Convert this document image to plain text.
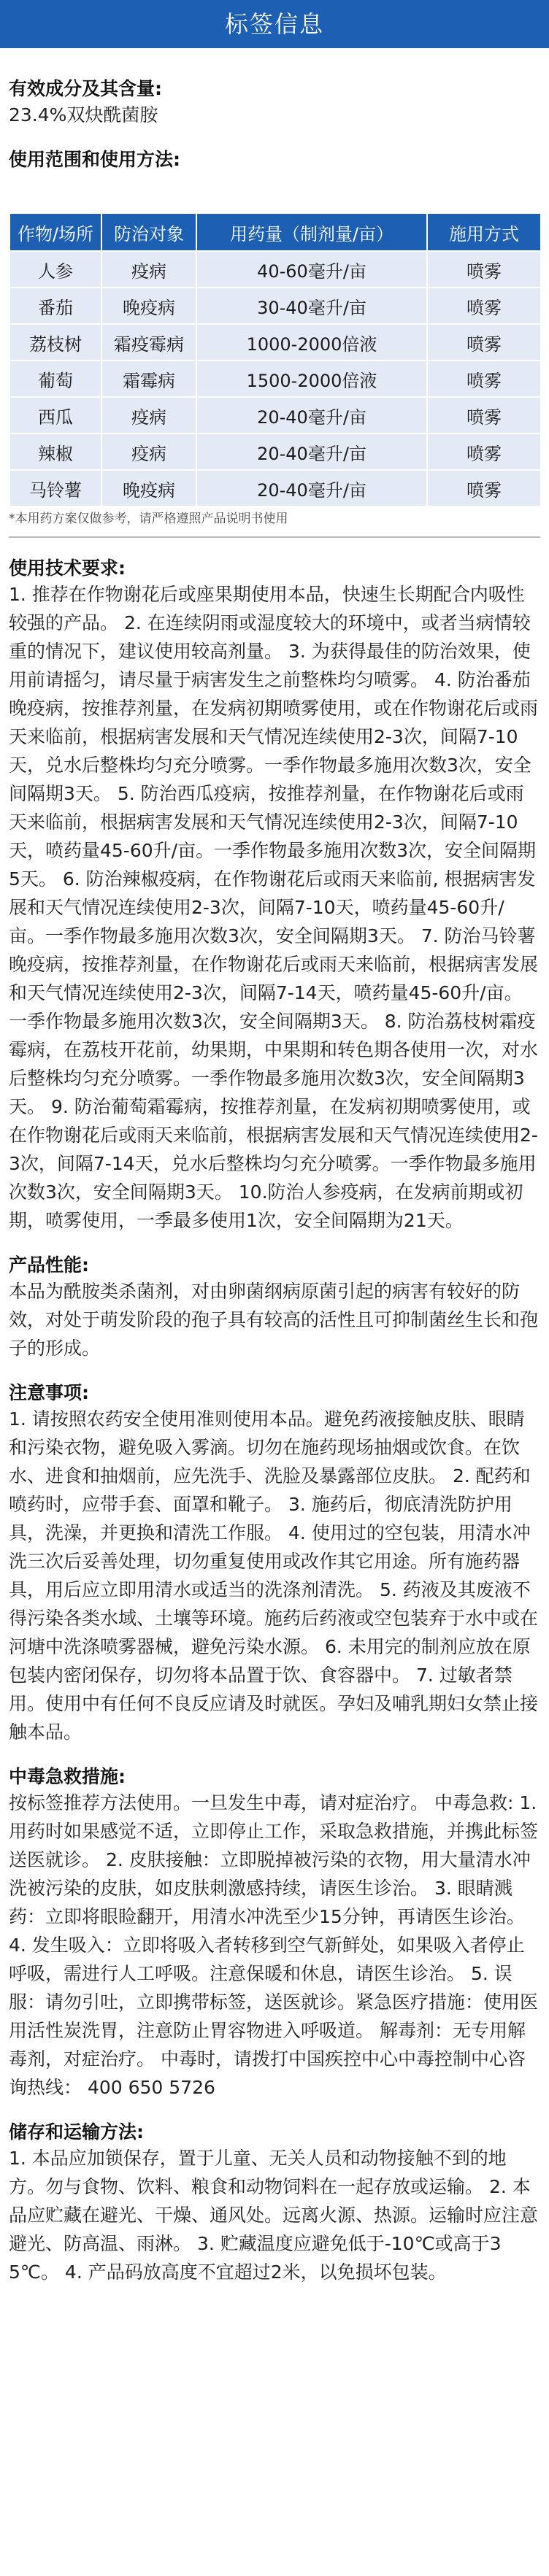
标签信息
有效成分及其含量:

23.4%双炔酰菌胺

使用范围和使用方法:
作物/场所	防治对象	用药量（制剂量/亩）	施用方式
人参	疫病	40-60毫升/亩	喷雾
番茄	晚疫病	30-40毫升/亩	喷雾
荔枝树	霜疫霉病	1000-2000倍液	喷雾
葡萄	霜霉病	1500-2000倍液	喷雾
西瓜	疫病	20-40毫升/亩	喷雾
辣椒	疫病	20-40毫升/亩	喷雾
马铃薯	晚疫病	20-40毫升/亩	喷雾

*本用药方案仅做参考，请严格遵照产品说明书使用

使用技术要求:

1. 推荐在作物谢花后或座果期使用本品，快速生长期配合内吸性较强的产品。 2. 在连续阴雨或湿度较大的环境中，或者当病情较重的情况下，建议使用较高剂量。 3. 为获得最佳的防治效果，使用前请摇匀，请尽量于病害发生之前整株均匀喷雾。 4. 防治番茄晚疫病，按推荐剂量，在发病初期喷雾使用，或在作物谢花后或雨天来临前，根据病害发展和天气情况连续使用2-3次，间隔7-10天，兑水后整株均匀充分喷雾。一季作物最多施用次数3次，安全间隔期3天。 5. 防治西瓜疫病，按推荐剂量，在作物谢花后或雨天来临前，根据病害发展和天气情况连续使用2-3次，间隔7-10天，喷药量45-60升/亩。一季作物最多施用次数3次，安全间隔期5天。 6. 防治辣椒疫病，在作物谢花后或雨天来临前, 根据病害发展和天气情况连续使用2-3次，间隔7-10天，喷药量45-60升/亩。一季作物最多施用次数3次，安全间隔期3天。 7. 防治马铃薯晚疫病，按推荐剂量，在作物谢花后或雨天来临前，根据病害发展和天气情况连续使用2-3次，间隔7-14天，喷药量45-60升/亩。一季作物最多施用次数3次，安全间隔期3天。 8. 防治荔枝树霜疫霉病，在荔枝开花前，幼果期，中果期和转色期各使用一次，对水后整株均匀充分喷雾。一季作物最多施用次数3次，安全间隔期3天。 9. 防治葡萄霜霉病，按推荐剂量，在发病初期喷雾使用，或在作物谢花后或雨天来临前，根据病害发展和天气情况连续使用2-3次，间隔7-14天，兑水后整株均匀充分喷雾。一季作物最多施用次数3次，安全间隔期3天。 10.防治人参疫病，在发病前期或初期，喷雾使用，一季最多使用1次，安全间隔期为21天。

产品性能:

本品为酰胺类杀菌剂，对由卵菌纲病原菌引起的病害有较好的防效，对处于萌发阶段的孢子具有较高的活性且可抑制菌丝生长和孢子的形成。

注意事项:

1. 请按照农药安全使用准则使用本品。避免药液接触皮肤、眼睛和污染衣物，避免吸入雾滴。切勿在施药现场抽烟或饮食。在饮水、进食和抽烟前，应先洗手、洗脸及暴露部位皮肤。 2. 配药和喷药时，应带手套、面罩和靴子。 3. 施药后，彻底清洗防护用具，洗澡，并更换和清洗工作服。 4. 使用过的空包装，用清水冲洗三次后妥善处理，切勿重复使用或改作其它用途。所有施药器具，用后应立即用清水或适当的洗涤剂清洗。 5. 药液及其废液不得污染各类水域、土壤等环境。施药后药液或空包装弃于水中或在河塘中洗涤喷雾器械，避免污染水源。 6. 未用完的制剂应放在原包装内密闭保存，切勿将本品置于饮、食容器中。 7. 过敏者禁用。使用中有任何不良反应请及时就医。孕妇及哺乳期妇女禁止接触本品。

中毒急救措施:

按标签推荐方法使用。一旦发生中毒，请对症治疗。 中毒急救: 1. 用药时如果感觉不适，立即停止工作，采取急救措施，并携此标签送医就诊。 2. 皮肤接触：立即脱掉被污染的衣物，用大量清水冲洗被污染的皮肤，如皮肤刺激感持续，请医生诊治。 3. 眼睛溅药：立即将眼睑翻开，用清水冲洗至少15分钟，再请医生诊治。 4. 发生吸入：立即将吸入者转移到空气新鲜处，如果吸入者停止呼吸，需进行人工呼吸。注意保暖和休息，请医生诊治。 5. 误服：请勿引吐，立即携带标签，送医就诊。紧急医疗措施：使用医用活性炭洗胃，注意防止胃容物进入呼吸道。 解毒剂：无专用解毒剂，对症治疗。 中毒时，请拨打中国疾控中心中毒控制中心咨询热线： 400 650 5726

储存和运输方法:

1. 本品应加锁保存，置于儿童、无关人员和动物接触不到的地方。勿与食物、饮料、粮食和动物饲料在一起存放或运输。 2. 本品应贮藏在避光、干燥、通风处。远离火源、热源。运输时应注意避光、防高温、雨淋。 3. 贮藏温度应避免低于-10℃或高于35℃。 4. 产品码放高度不宜超过2米，以免损坏包装。
